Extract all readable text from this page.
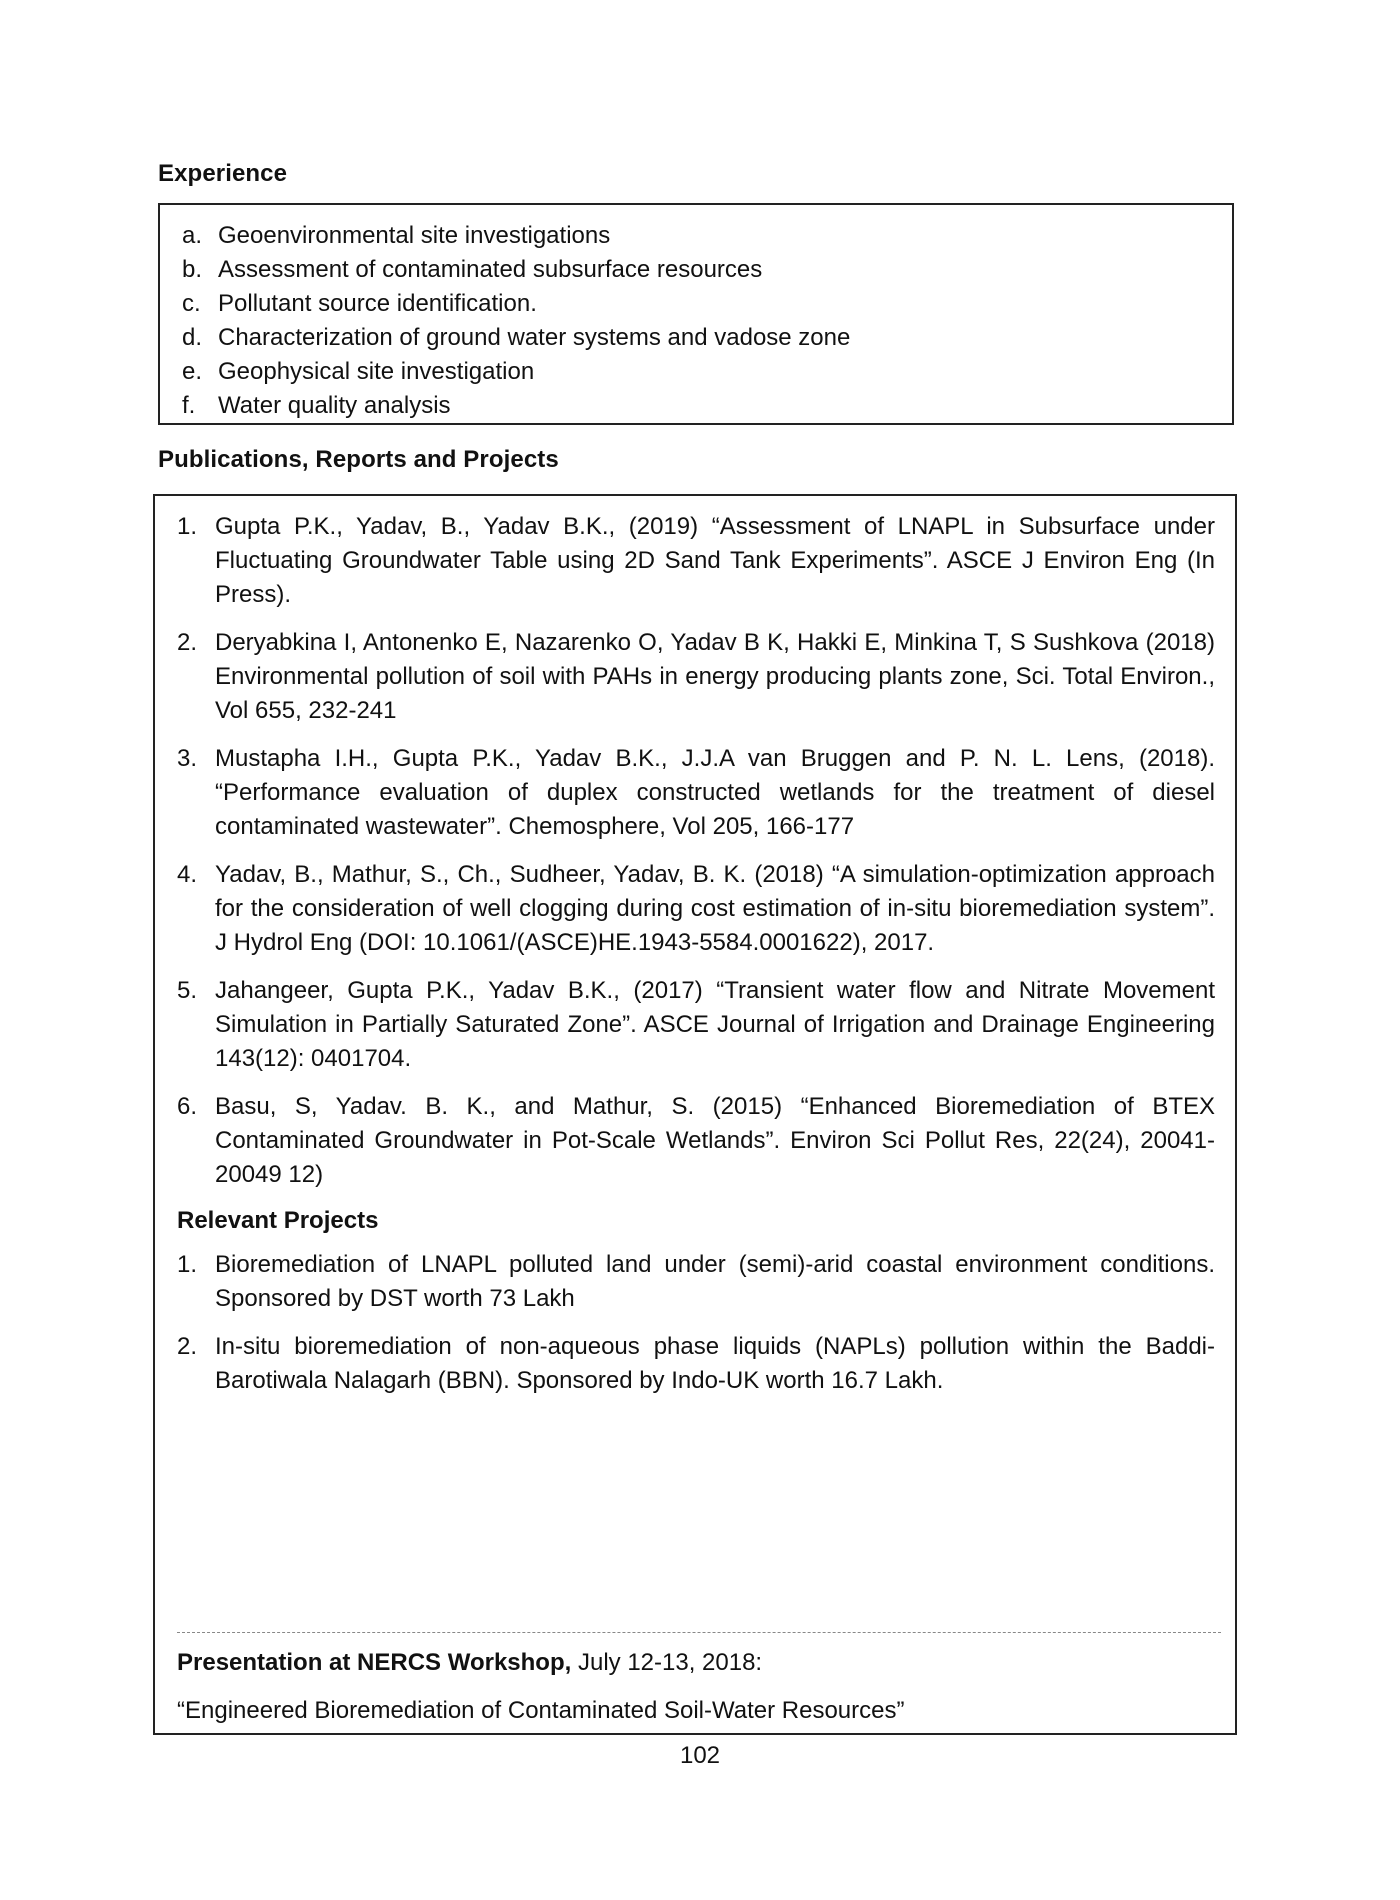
Experience
a. Geoenvironmental site investigations
b. Assessment of contaminated subsurface resources
c. Pollutant source identification.
d. Characterization of ground water systems and vadose zone
e. Geophysical site investigation
f. Water quality analysis
Publications, Reports and Projects
1. Gupta P.K., Yadav, B., Yadav B.K., (2019) “Assessment of LNAPL in Subsurface under Fluctuating Groundwater Table using 2D Sand Tank Experiments”. ASCE J Environ Eng (In Press).
2. Deryabkina I, Antonenko E, Nazarenko O, Yadav B K, Hakki E, Minkina T, S Sushkova (2018) Environmental pollution of soil with PAHs in energy producing plants zone, Sci. Total Environ., Vol 655, 232-241
3. Mustapha I.H., Gupta P.K., Yadav B.K., J.J.A van Bruggen and P. N. L. Lens, (2018). “Performance evaluation of duplex constructed wetlands for the treatment of diesel contaminated wastewater”. Chemosphere, Vol 205, 166-177
4. Yadav, B., Mathur, S., Ch., Sudheer, Yadav, B. K. (2018) “A simulation-optimization approach for the consideration of well clogging during cost estimation of in-situ bioremediation system”. J Hydrol Eng (DOI: 10.1061/(ASCE)HE.1943-5584.0001622), 2017.
5. Jahangeer, Gupta P.K., Yadav B.K., (2017) “Transient water flow and Nitrate Movement Simulation in Partially Saturated Zone”. ASCE Journal of Irrigation and Drainage Engineering 143(12): 0401704.
6. Basu, S, Yadav. B. K., and Mathur, S. (2015) “Enhanced Bioremediation of BTEX Contaminated Groundwater in Pot-Scale Wetlands”. Environ Sci Pollut Res, 22(24), 20041-20049 12)
Relevant Projects
1. Bioremediation of LNAPL polluted land under (semi)-arid coastal environment conditions. Sponsored by DST worth 73 Lakh
2. In-situ bioremediation of non-aqueous phase liquids (NAPLs) pollution within the Baddi-Barotiwala Nalagarh (BBN). Sponsored by Indo-UK worth 16.7 Lakh.
Presentation at NERCS Workshop, July 12-13, 2018:
“Engineered Bioremediation of Contaminated Soil-Water Resources”
102
